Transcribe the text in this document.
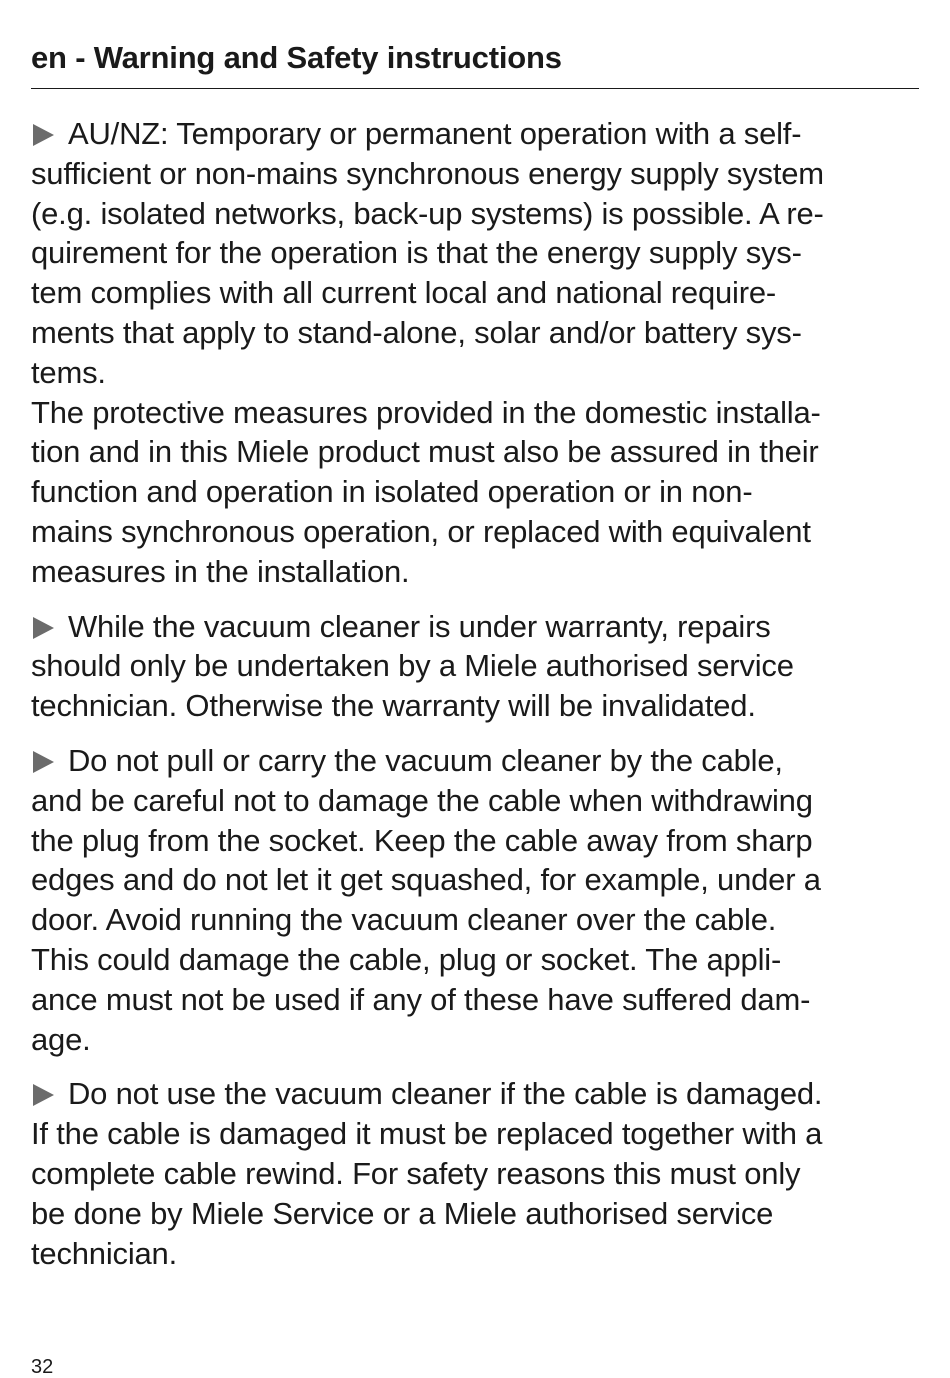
en - Warning and Safety instructions

AU/NZ: Temporary or permanent operation with a self-
sufficient or non-mains synchronous energy supply system
(e.g. isolated networks, back-up systems) is possible. A re-
quirement for the operation is that the energy supply sys-
tem complies with all current local and national require-
ments that apply to stand-alone, solar and/or battery sys-
tems.

The protective measures provided in the domestic installa-
tion and in this Miele product must also be assured in their
function and operation in isolated operation or in non-
mains synchronous operation, or replaced with equivalent
measures in the installation.

While the vacuum cleaner is under warranty, repairs
should only be undertaken by a Miele authorised service
technician. Otherwise the warranty will be invalidated.

Do not pull or carry the vacuum cleaner by the cable,
and be careful not to damage the cable when withdrawing
the plug from the socket. Keep the cable away from sharp
edges and do not let it get squashed, for example, under a
door. Avoid running the vacuum cleaner over the cable.
This could damage the cable, plug or socket. The appli-
ance must not be used if any of these have suffered dam-
age.

Do not use the vacuum cleaner if the cable is damaged.
If the cable is damaged it must be replaced together with a
complete cable rewind. For safety reasons this must only
be done by Miele Service or a Miele authorised service
technician.

32
